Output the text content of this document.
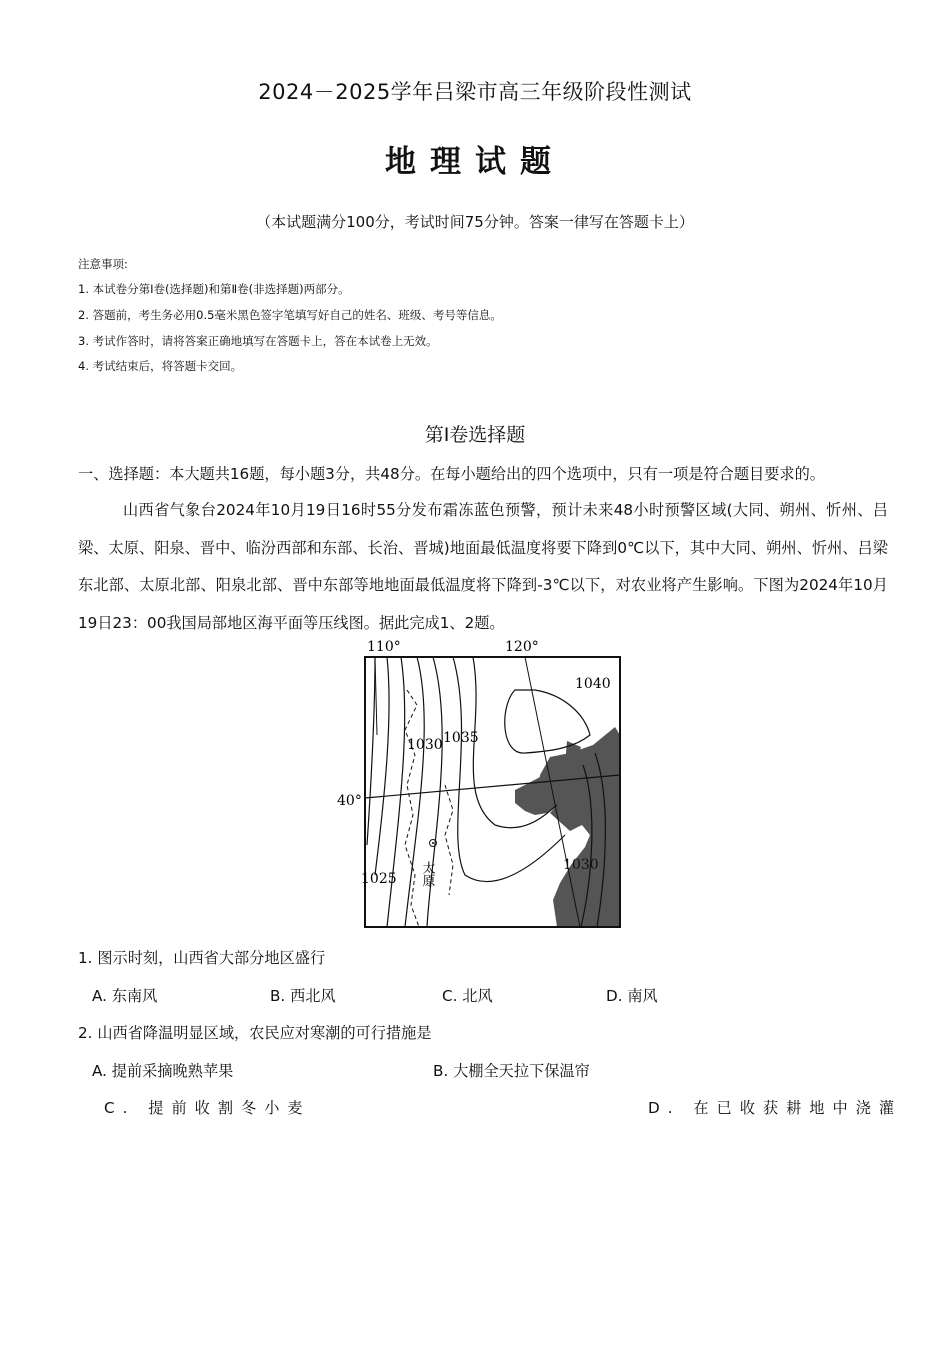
2024－2025学年吕梁市高三年级阶段性测试
地理试题
（本试题满分100分，考试时间75分钟。答案一律写在答题卡上）
注意事项:
1. 本试卷分第Ⅰ卷(选择题)和第Ⅱ卷(非选择题)两部分。
2. 答题前，考生务必用0.5毫米黑色签字笔填写好自己的姓名、班级、考号等信息。
3. 考试作答时，请将答案正确地填写在答题卡上，答在本试卷上无效。
4. 考试结束后，将答题卡交回。
第Ⅰ卷选择题
一、选择题：本大题共16题，每小题3分，共48分。在每小题给出的四个选项中，只有一项是符合题目要求的。
山西省气象台2024年10月19日16时55分发布霜冻蓝色预警，预计未来48小时预警区域(大同、朔州、忻州、吕梁、太原、阳泉、晋中、临汾西部和东部、长治、晋城)地面最低温度将要下降到0℃以下，其中大同、朔州、忻州、吕梁东北部、太原北部、阳泉北部、晋中东部等地地面最低温度将下降到-3℃以下，对农业将产生影响。下图为2024年10月19日23：00我国局部地区海平面等压线图。据此完成1、2题。
110°	120°
40°
1040
1035
1030
1030
1025 太原
1. 图示时刻，山西省大部分地区盛行
A. 东南风	B. 西北风	C. 北风	D. 南风
2. 山西省降温明显区域，农民应对寒潮的可行措施是
A. 提前采摘晚熟苹果	B. 大棚全天拉下保温帘
C. 提前收割冬小麦	D. 在已收获耕地中浇灌
